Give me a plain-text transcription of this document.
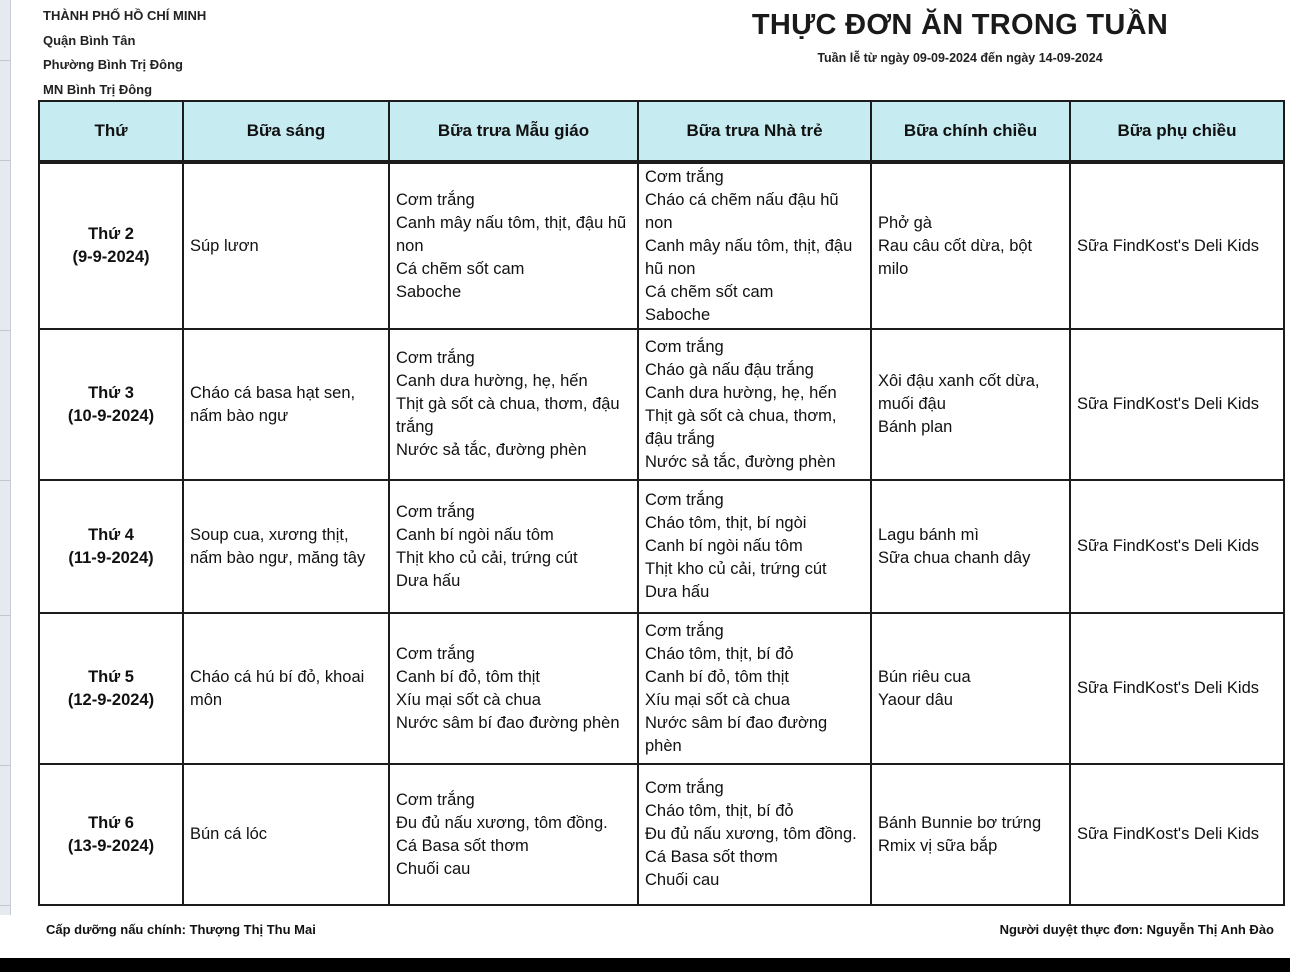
THÀNH PHỐ HỒ CHÍ MINH
Quận Bình Tân
Phường Bình Trị Đông
MN Bình Trị Đông
THỰC ĐƠN ĂN TRONG TUẦN
Tuần lễ từ ngày 09-09-2024 đến ngày 14-09-2024
Thứ	Bữa sáng	Bữa trưa Mẫu giáo	Bữa trưa Nhà trẻ	Bữa chính chiều	Bữa phụ chiều

Thứ 2
(9-9-2024)	Súp lươn	Cơm trắng
Canh mây nấu tôm, thịt, đậu hũ non
Cá chẽm sốt cam
Saboche	Cơm trắng
Cháo cá chẽm nấu đậu hũ non
Canh mây nấu tôm, thịt, đậu hũ non
Cá chẽm sốt cam
Saboche	Phở gà
Rau câu cốt dừa, bột milo	Sữa FindKost's Deli Kids

Thứ 3
(10-9-2024)	Cháo cá basa hạt sen, nấm bào ngư	Cơm trắng
Canh dưa hường, hẹ, hến
Thịt gà sốt cà chua, thơm, đậu trắng
Nước sả tắc, đường phèn	Cơm trắng
Cháo gà nấu đậu trắng
Canh dưa hường, hẹ, hến
Thịt gà sốt cà chua, thơm, đậu trắng
Nước sả tắc, đường phèn	Xôi đậu xanh cốt dừa, muối đậu
Bánh plan	Sữa FindKost's Deli Kids

Thứ 4
(11-9-2024)	Soup cua, xương thịt, nấm bào ngư, măng tây	Cơm trắng
Canh bí ngòi nấu tôm
Thịt kho củ cải, trứng cút
Dưa hấu	Cơm trắng
Cháo tôm, thịt, bí ngòi
Canh bí ngòi nấu tôm
Thịt kho củ cải, trứng cút
Dưa hấu	Lagu bánh mì
Sữa chua chanh dây	Sữa FindKost's Deli Kids

Thứ 5
(12-9-2024)	Cháo cá hú bí đỏ, khoai môn	Cơm trắng
Canh bí đỏ, tôm thịt
Xíu mại sốt cà chua
Nước sâm bí đao đường phèn	Cơm trắng
Cháo tôm, thịt, bí đỏ
Canh bí đỏ, tôm thịt
Xíu mại sốt cà chua
Nước sâm bí đao đường phèn	Bún riêu cua
Yaour dâu	Sữa FindKost's Deli Kids

Thứ 6
(13-9-2024)	Bún cá lóc	Cơm trắng
Đu đủ nấu xương, tôm đồng.
Cá Basa sốt thơm
Chuối cau	Cơm trắng
Cháo tôm, thịt, bí đỏ
Đu đủ nấu xương, tôm đồng.
Cá Basa sốt thơm
Chuối cau	Bánh Bunnie bơ trứng
Rmix vị sữa bắp	Sữa FindKost's Deli Kids
Cấp dưỡng nấu chính: Thượng Thị Thu Mai	Người duyệt thực đơn: Nguyễn Thị Anh Đào
